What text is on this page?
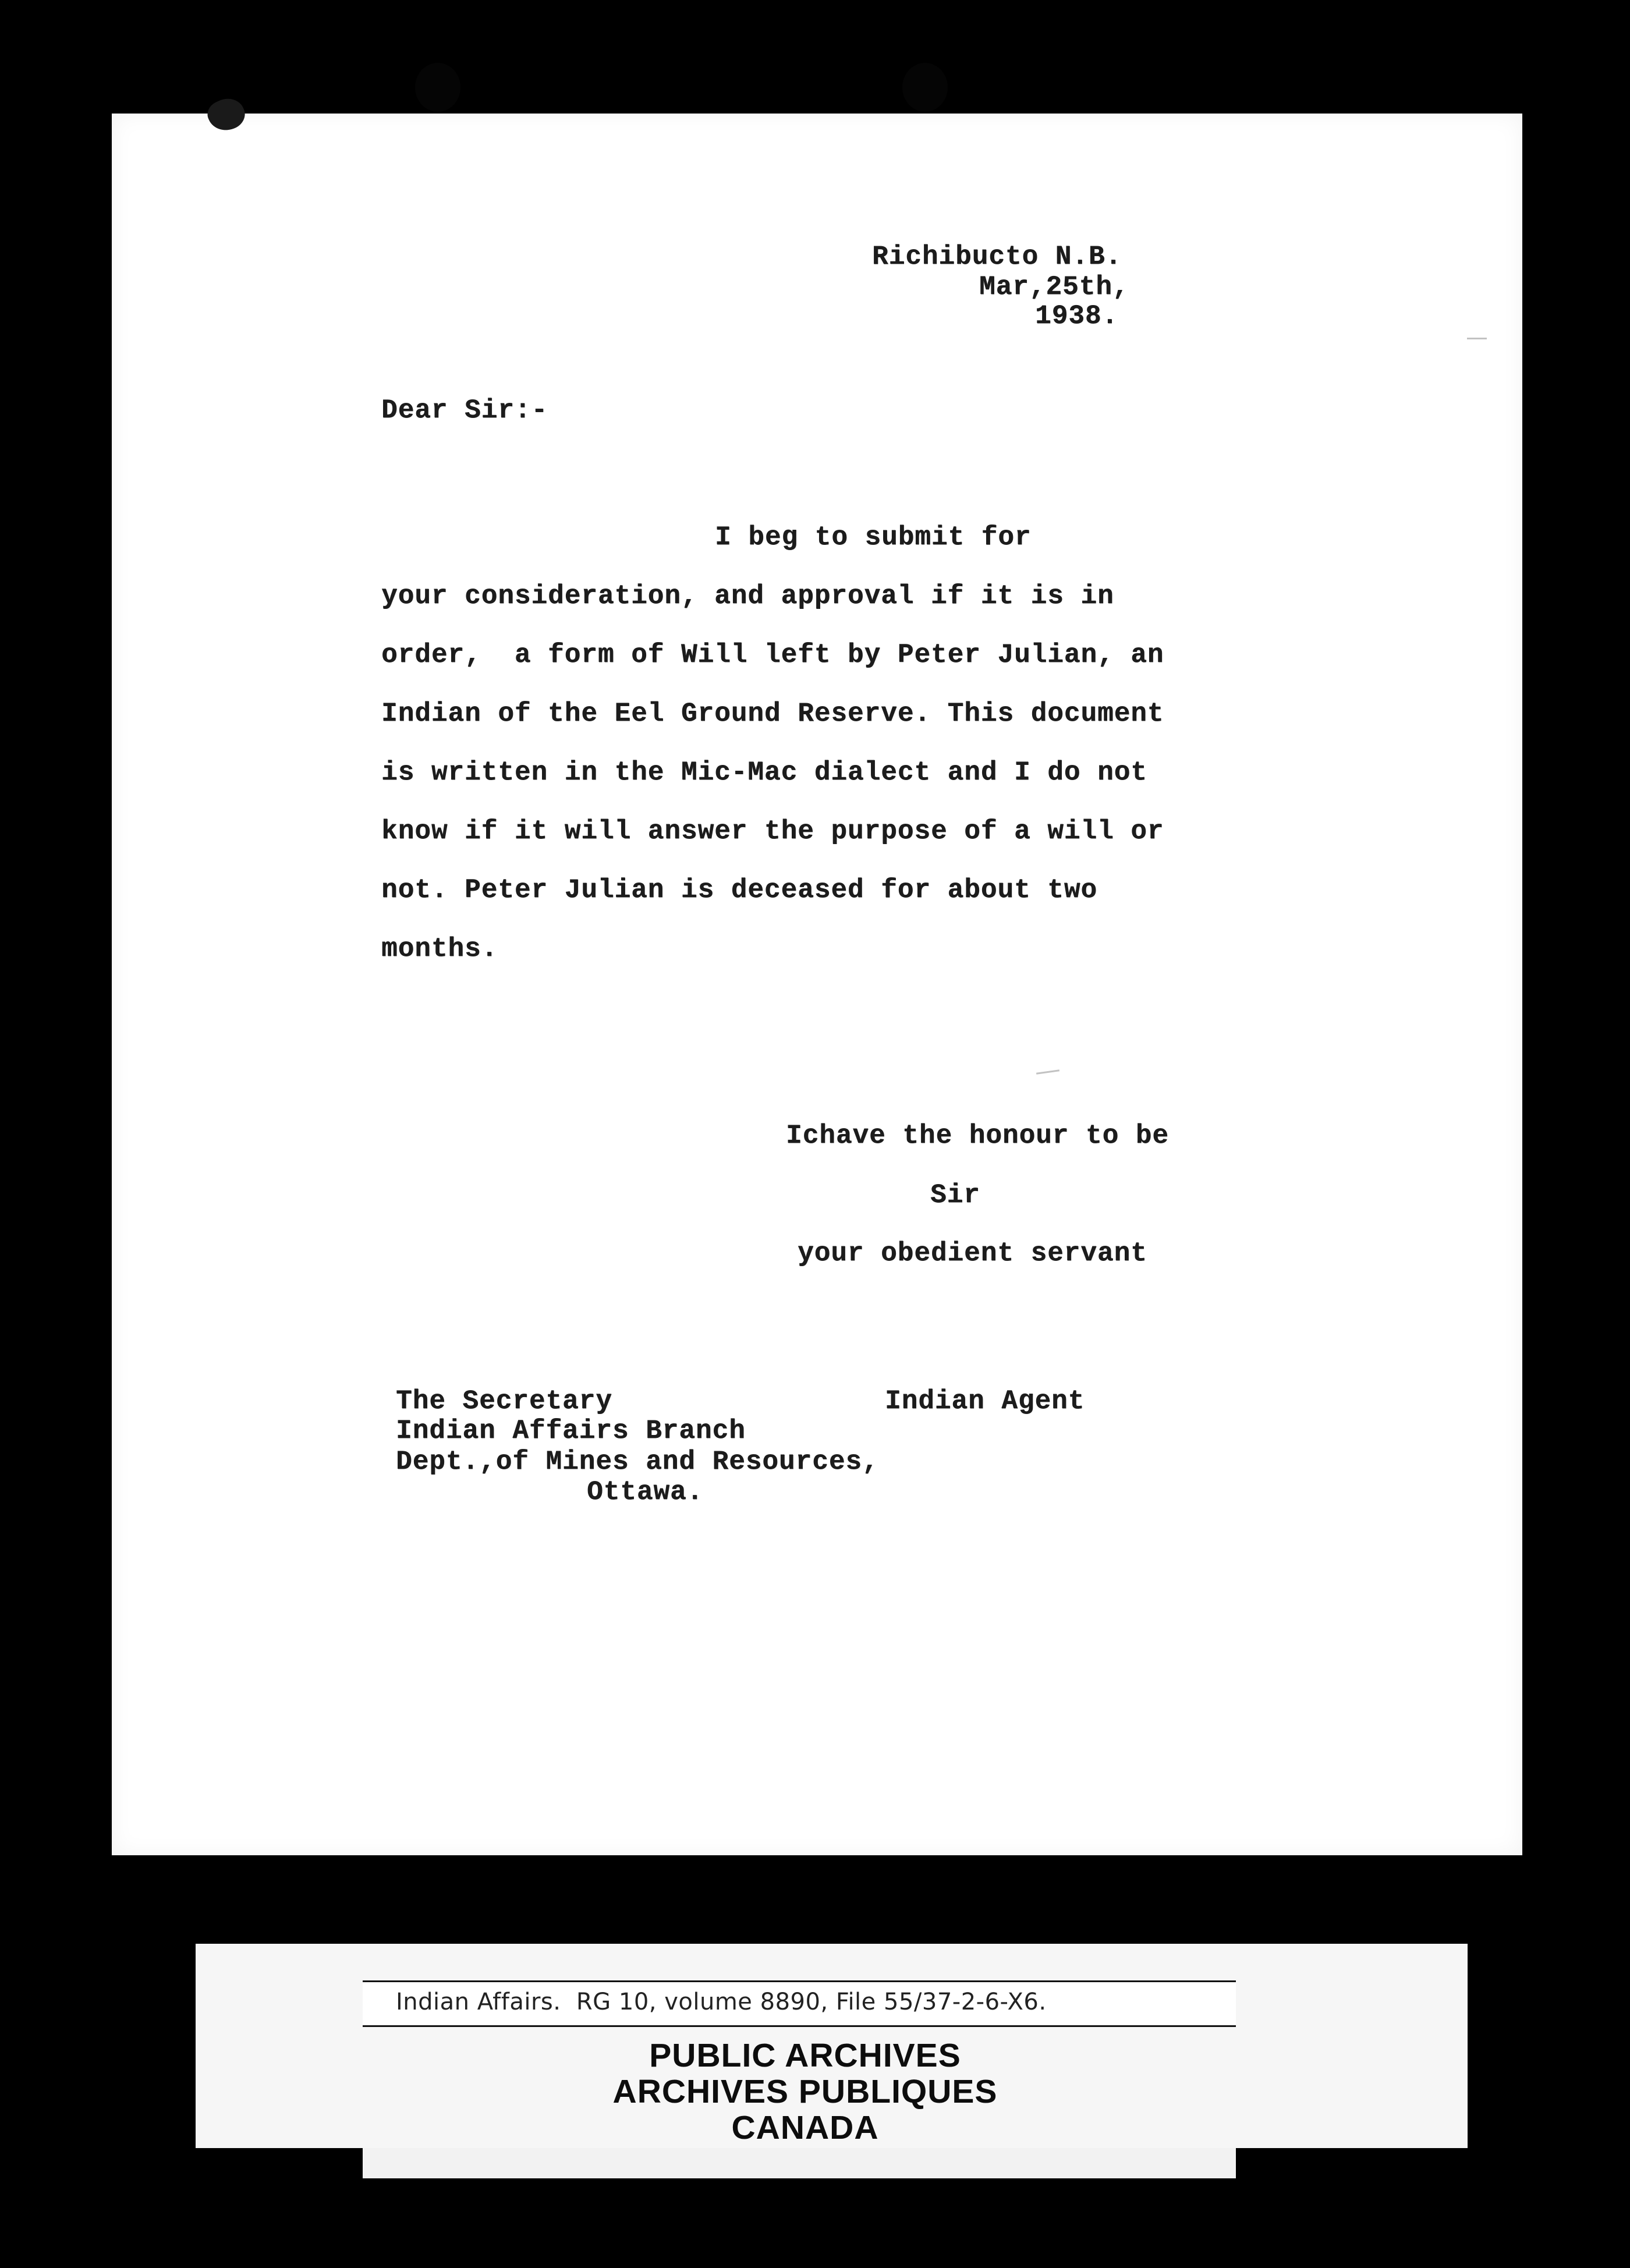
Richibucto N.B.
Mar,25th,
1938.
Dear Sir:-
I beg to submit for
your consideration, and approval if it is in
order,  a form of Will left by Peter Julian, an
Indian of the Eel Ground Reserve. This document
is written in the Mic-Mac dialect and I do not
know if it will answer the purpose of a will or
not. Peter Julian is deceased for about two
months.
Ichave the honour to be
Sir
your obedient servant
The Secretary
Indian Affairs Branch
Dept.,of Mines and Resources,
Ottawa.
Indian Agent
Indian Affairs.  RG 10, volume 8890, File 55/37-2-6-X6.
PUBLIC ARCHIVES
ARCHIVES PUBLIQUES
CANADA
